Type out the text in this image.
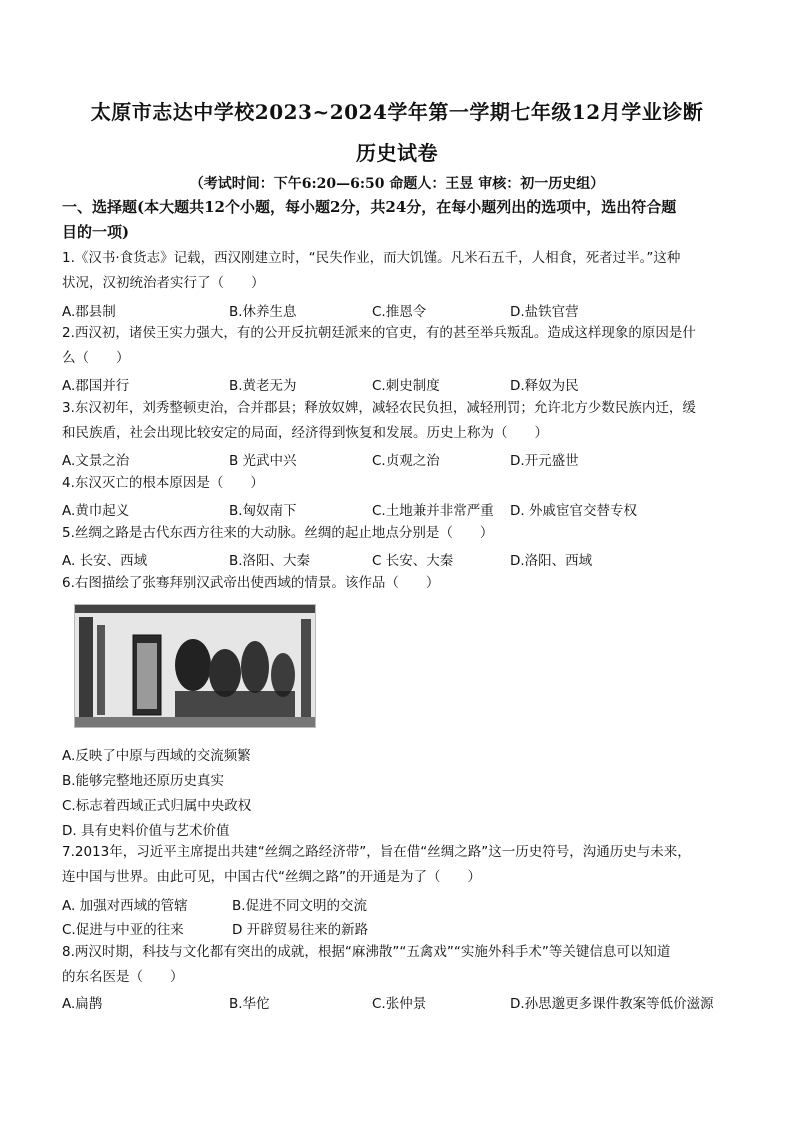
太原市志达中学校2023~2024学年第一学期七年级12月学业诊断
历史试卷
（考试时间：下午6:20—6:50 命题人：王昱 审核：初一历史组）
一、选择题(本大题共12个小题，每小题2分，共24分，在每小题列出的选项中，选出符合题
目的一项)
1.《汉书·食货志》记载，西汉刚建立时，“民失作业，而大饥馑。凡米石五千，人相食，死者过半。”这种
状况，汉初统治者实行了（　　）
A.郡县制	B.休养生息	C.推恩令	D.盐铁官营
2.西汉初，诸侯王实力强大，有的公开反抗朝廷派来的官吏，有的甚至举兵叛乱。造成这样现象的原因是什
么（　　）
A.郡国并行	B.黄老无为	C.刺史制度	D.释奴为民
3.东汉初年，刘秀整顿吏治，合并郡县；释放奴婢，减轻农民负担，减轻刑罚；允许北方少数民族内迁，缓
和民族盾，社会出现比较安定的局面，经济得到恢复和发展。历史上称为（　　）
A.文景之治	B 光武中兴	C.贞观之治	D.开元盛世
4.东汉灭亡的根本原因是（　　）
A.黄巾起义	B.匈奴南下	C.土地兼并非常严重 D. 外戚宦官交替专权
5.丝绸之路是古代东西方往来的大动脉。丝绸的起止地点分别是（　　）
A. 长安、西域	B.洛阳、大秦	C 长安、大秦	D.洛阳、西域
6.右图描绘了张骞拜别汉武帝出使西域的情景。该作品（　　）
A.反映了中原与西域的交流频繁
B.能够完整地还原历史真实
C.标志着西域正式归属中央政权
D. 具有史料价值与艺术价值
7.2013年，习近平主席提出共建“丝绸之路经济带”，旨在借“丝绸之路”这一历史符号，沟通历史与未来，
连中国与世界。由此可见，中国古代“丝绸之路”的开通是为了（　　）
A. 加强对西域的管辖	B.促进不同文明的交流
C.促进与中亚的往来	D 开辟贸易往来的新路
8.两汉时期，科技与文化都有突出的成就，根据“麻沸散”“五禽戏”“实施外科手术”等关键信息可以知道
的东名医是（　　）
A.扁鹊	B.华佗	C.张仲景	D.孙思邈更多课件教案等低价滋源
